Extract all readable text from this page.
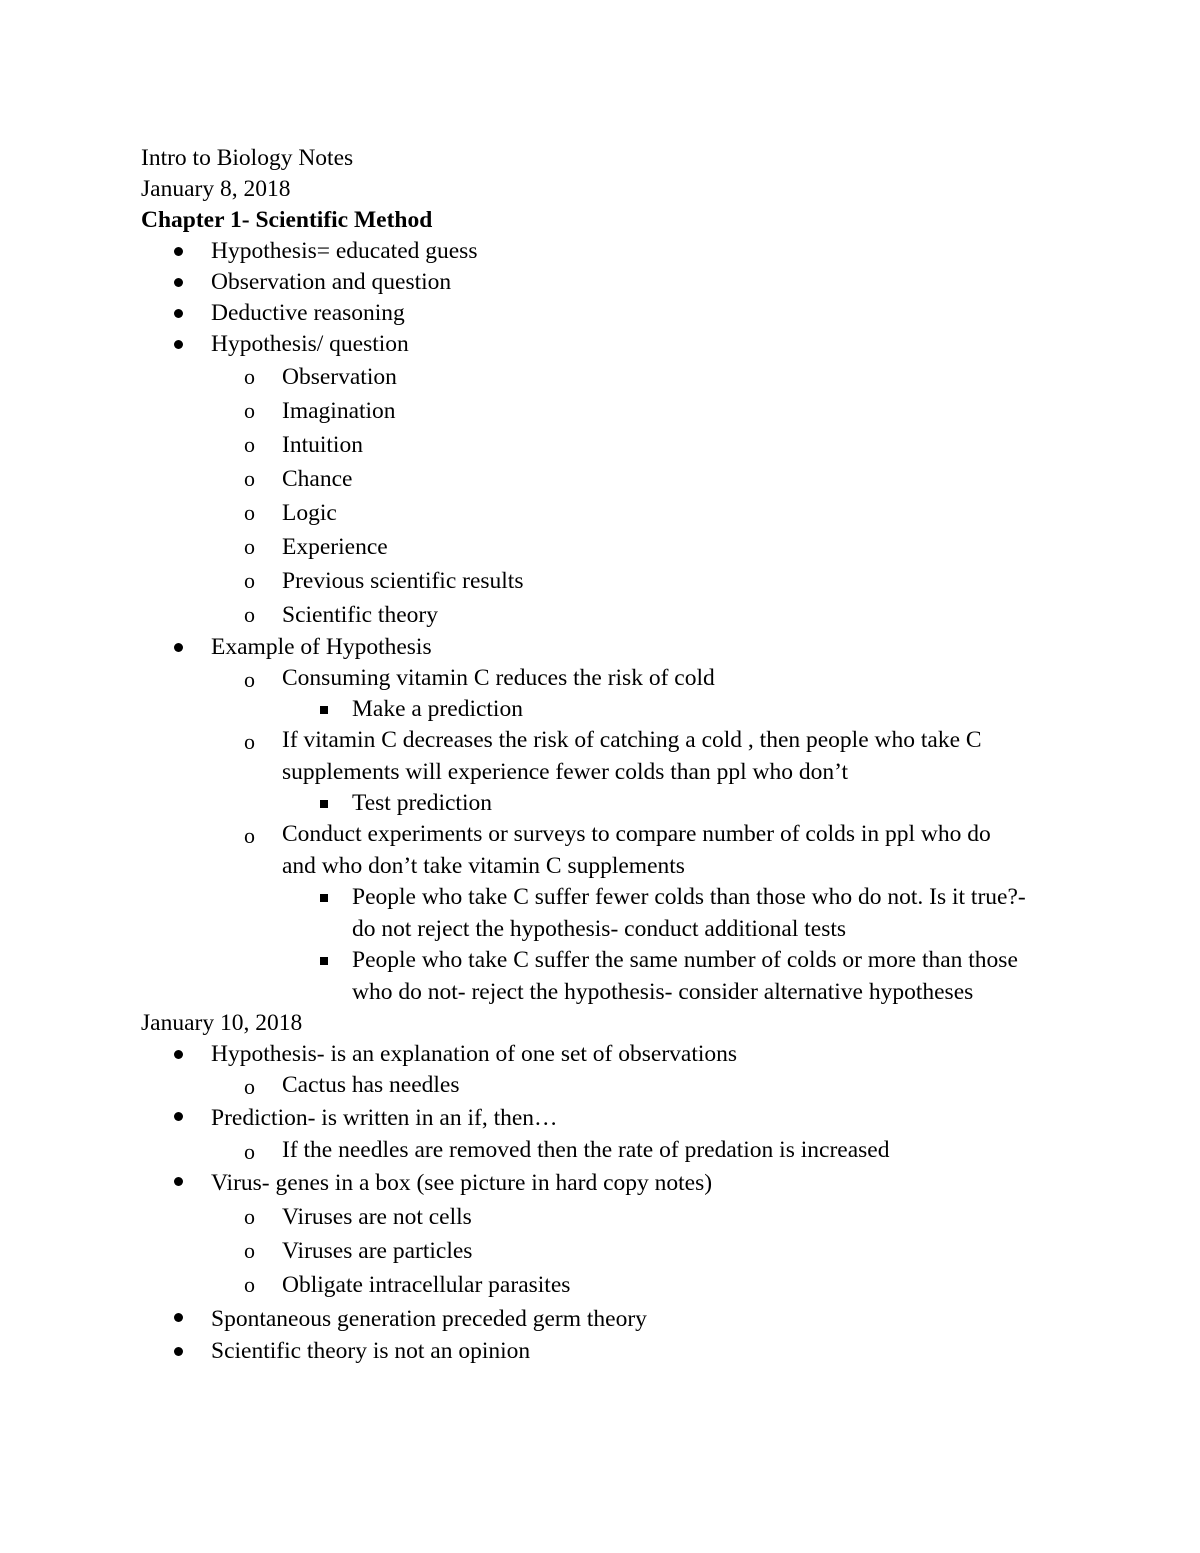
Intro to Biology Notes
January 8, 2018
Chapter 1- Scientific Method
Hypothesis= educated guess
Observation and question
Deductive reasoning
Hypothesis/ question
o Observation
o Imagination
o Intuition
o Chance
o Logic
o Experience
o Previous scientific results
o Scientific theory
Example of Hypothesis
o Consuming vitamin C reduces the risk of cold
Make a prediction
o If vitamin C decreases the risk of catching a cold , then people who take C supplements will experience fewer colds than ppl who don’t
Test prediction
o Conduct experiments or surveys to compare number of colds in ppl who do and who don’t take vitamin C supplements
People who take C suffer fewer colds than those who do not. Is it true?- do not reject the hypothesis- conduct additional tests
People who take C suffer the same number of colds or more than those who do not- reject the hypothesis- consider alternative hypotheses
January 10, 2018
Hypothesis- is an explanation of one set of observations
o Cactus has needles
Prediction- is written in an if, then…
o If the needles are removed then the rate of predation is increased
Virus- genes in a box (see picture in hard copy notes)
o Viruses are not cells
o Viruses are particles
o Obligate intracellular parasites
Spontaneous generation preceded germ theory
Scientific theory is not an opinion
